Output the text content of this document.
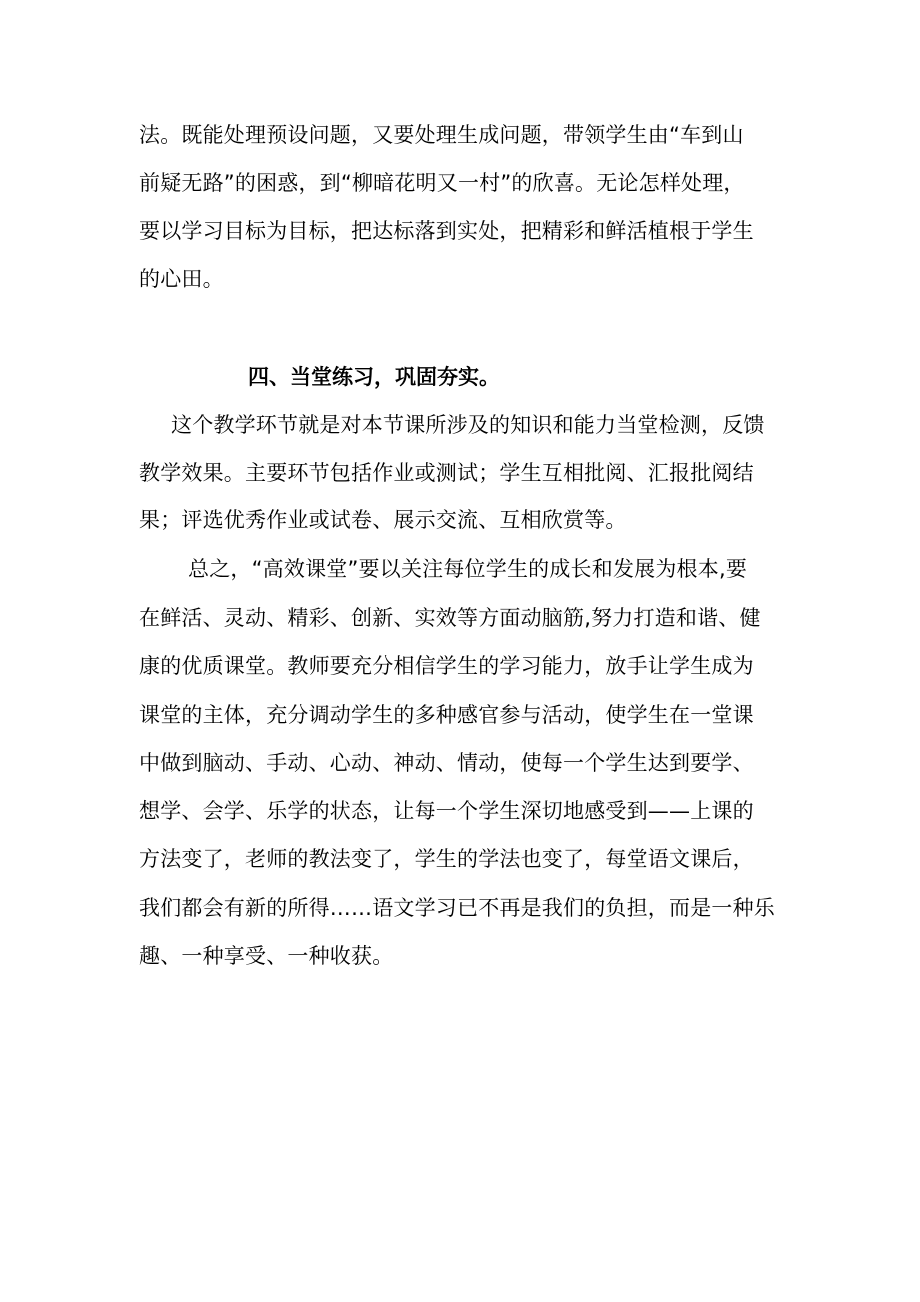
法。既能处理预设问题，又要处理生成问题，带领学生由“车到山
前疑无路”的困惑，到“柳暗花明又一村”的欣喜。无论怎样处理，
要以学习目标为目标，把达标落到实处，把精彩和鲜活植根于学生
的心田。
四、当堂练习，巩固夯实。
这个教学环节就是对本节课所涉及的知识和能力当堂检测，反馈
教学效果。主要环节包括作业或测试；学生互相批阅、汇报批阅结
果；评选优秀作业或试卷、展示交流、互相欣赏等。
总之，“高效课堂”要以关注每位学生的成长和发展为根本,要
在鲜活、灵动、精彩、创新、实效等方面动脑筋,努力打造和谐、健
康的优质课堂。教师要充分相信学生的学习能力，放手让学生成为
课堂的主体，充分调动学生的多种感官参与活动，使学生在一堂课
中做到脑动、手动、心动、神动、情动，使每一个学生达到要学、
想学、会学、乐学的状态，让每一个学生深切地感受到——上课的
方法变了，老师的教法变了，学生的学法也变了，每堂语文课后，
我们都会有新的所得……语文学习已不再是我们的负担，而是一种乐
趣、一种享受、一种收获。
